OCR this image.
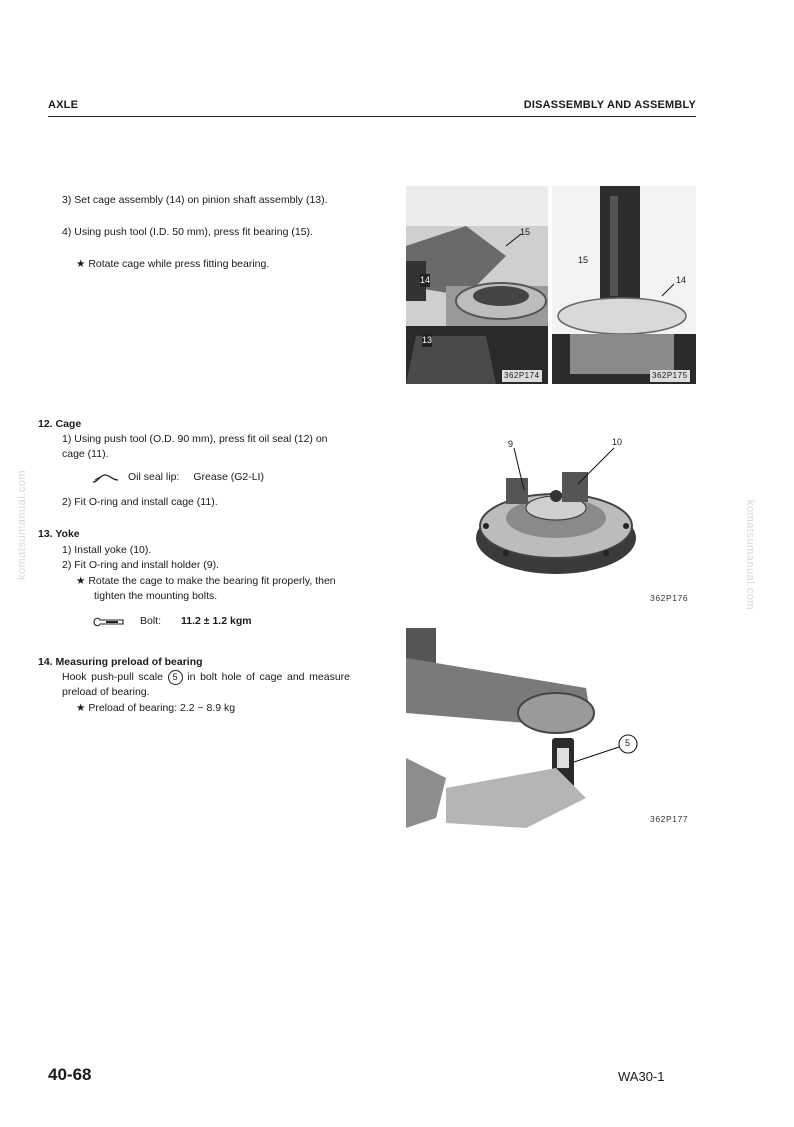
AXLE	DISASSEMBLY AND ASSEMBLY
komatsumanual.com	komatsumanual.com
3) Set cage assembly (14) on pinion shaft assembly (13).
4) Using push tool (I.D. 50 mm), press fit bearing (15).
★ Rotate cage while press fitting bearing.
14
13
15
362P174
15
14
362P175
12. Cage
1) Using push tool (O.D. 90 mm), press fit oil seal (12) on cage (11).
Oil seal lip: Grease (G2-LI)
2) Fit O-ring and install cage (11).
9	10
362P176
13. Yoke
1) Install yoke (10).
2) Fit O-ring and install holder (9).
★ Rotate the cage to make the bearing fit properly, then tighten the mounting bolts.
Bolt: 11.2 ± 1.2 kgm
14. Measuring preload of bearing
Hook push-pull scale 5 in bolt hole of cage and measure preload of bearing.
★ Preload of bearing: 2.2 ~ 8.9 kg
5
362P177
40-68	WA30-1
